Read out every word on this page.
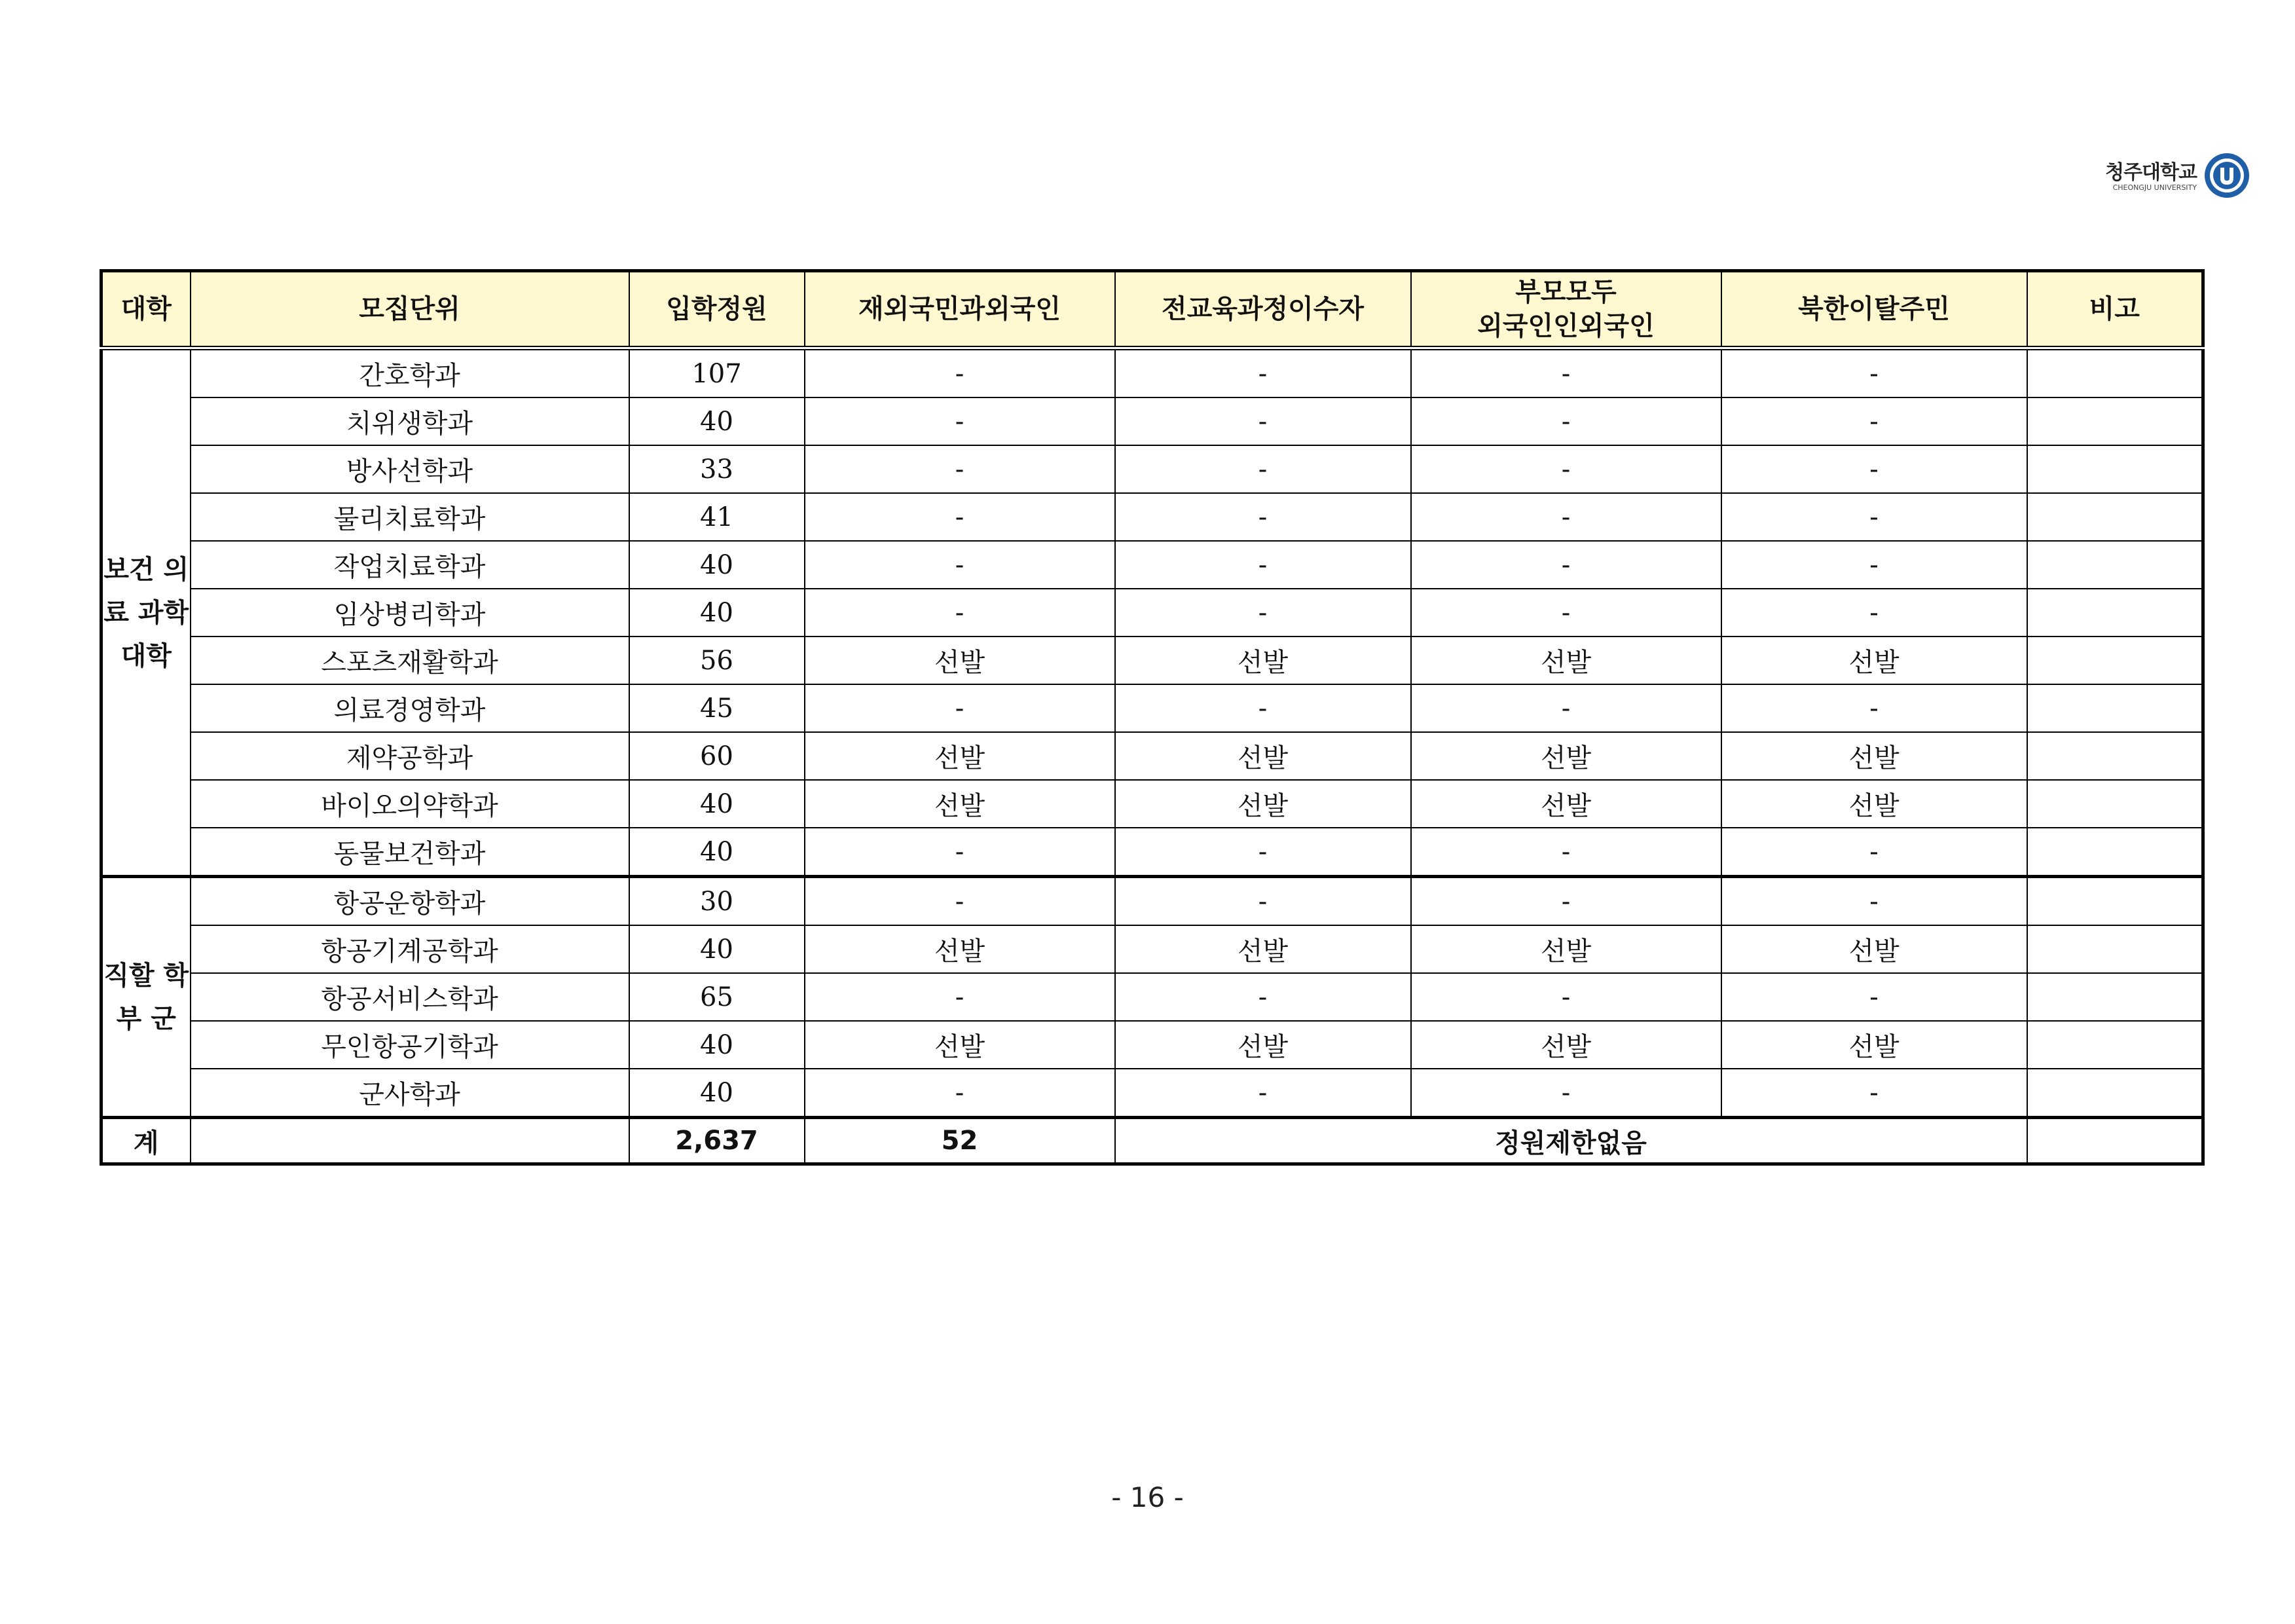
청주대학교
CHEONGJU UNIVERSITY
대학	모집단위	입학정원	재외국민과외국인	전교육과정이수자	부모모두
외국인인외국인	북한이탈주민	비고
보건 의료 과학 대학	간호학과	107	-	-	-	-	
	치위생학과	40	-	-	-	-	
	방사선학과	33	-	-	-	-	
	물리치료학과	41	-	-	-	-	
	작업치료학과	40	-	-	-	-	
	임상병리학과	40	-	-	-	-	
	스포츠재활학과	56	선발	선발	선발	선발	
	의료경영학과	45	-	-	-	-	
	제약공학과	60	선발	선발	선발	선발	
	바이오의약학과	40	선발	선발	선발	선발	
	동물보건학과	40	-	-	-	-	
직할 학부 군	항공운항학과	30	-	-	-	-	
	항공기계공학과	40	선발	선발	선발	선발	
	항공서비스학과	65	-	-	-	-	
	무인항공기학과	40	선발	선발	선발	선발	
	군사학과	40	-	-	-	-	
계		2,637	52	정원제한없음			
- 16 -
